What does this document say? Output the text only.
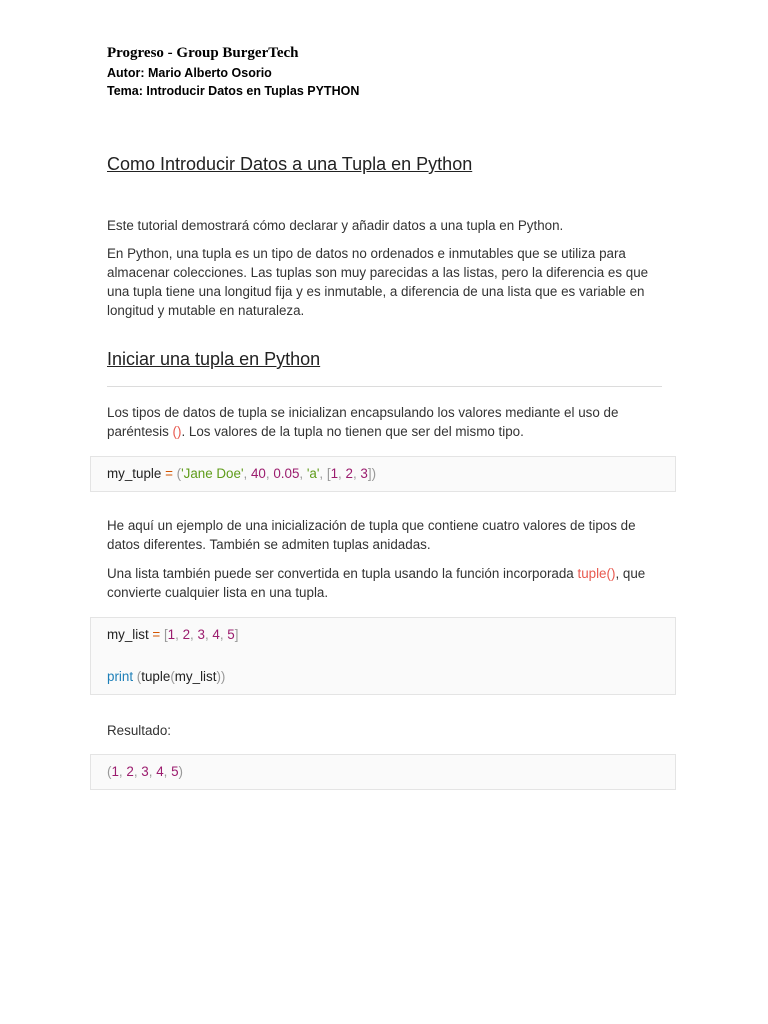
Progreso - Group BurgerTech
Autor: Mario Alberto Osorio
Tema: Introducir Datos en Tuplas PYTHON
Como Introducir Datos a una Tupla en Python
Este tutorial demostrará cómo declarar y añadir datos a una tupla en Python.
En Python, una tupla es un tipo de datos no ordenados e inmutables que se utiliza para almacenar colecciones. Las tuplas son muy parecidas a las listas, pero la diferencia es que una tupla tiene una longitud fija y es inmutable, a diferencia de una lista que es variable en longitud y mutable en naturaleza.
Iniciar una tupla en Python
Los tipos de datos de tupla se inicializan encapsulando los valores mediante el uso de paréntesis (). Los valores de la tupla no tienen que ser del mismo tipo.
my_tuple = ('Jane Doe', 40, 0.05, 'a', [1, 2, 3])
He aquí un ejemplo de una inicialización de tupla que contiene cuatro valores de tipos de datos diferentes. También se admiten tuplas anidadas.
Una lista también puede ser convertida en tupla usando la función incorporada tuple(), que convierte cualquier lista en una tupla.
my_list = [1, 2, 3, 4, 5]
print (tuple(my_list))
Resultado:
(1, 2, 3, 4, 5)
